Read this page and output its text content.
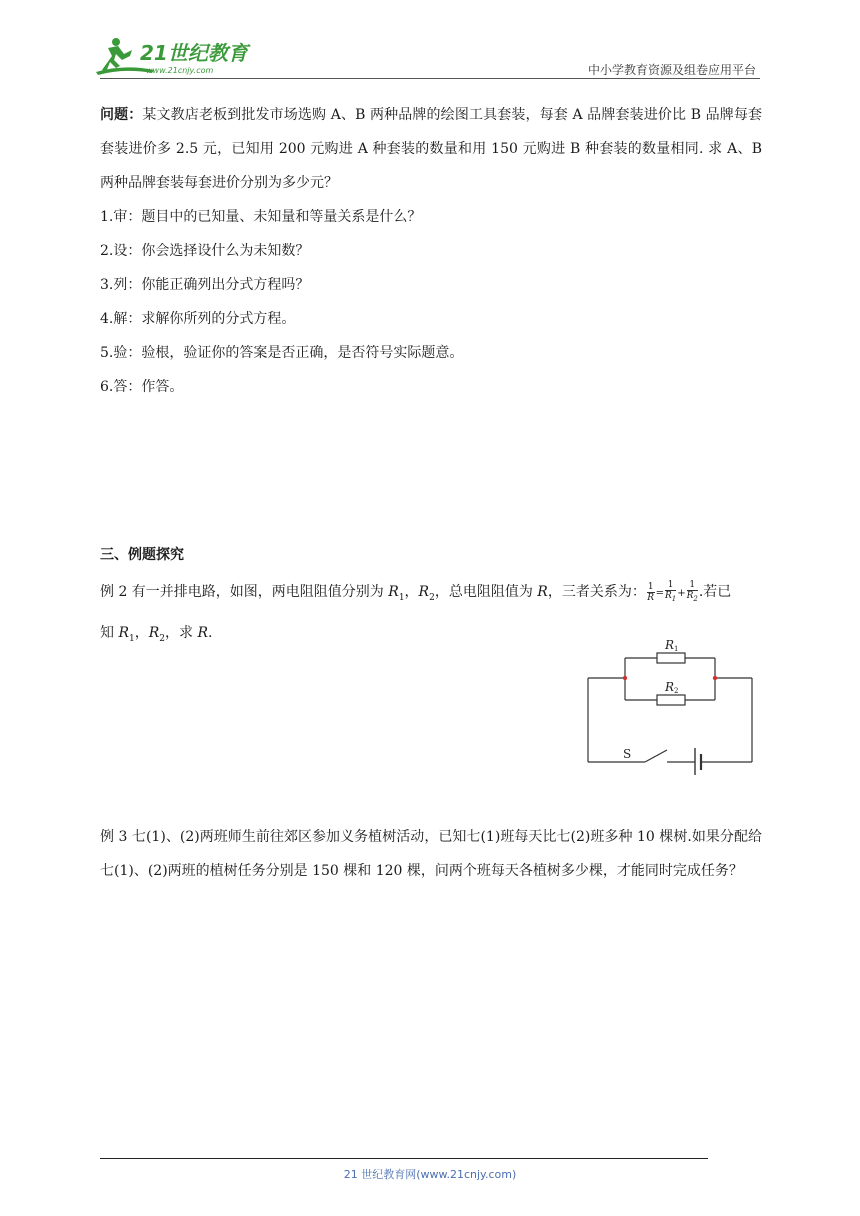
21世纪教育
www.21cnjy.com	中小学教育资源及组卷应用平台

问题：某文教店老板到批发市场选购 A、B 两种品牌的绘图工具套装，每套 A 品牌套装进价比 B 品牌每套套装进价多 2.5 元，已知用 200 元购进 A 种套装的数量和用 150 元购进 B 种套装的数量相同. 求 A、B 两种品牌套装每套进价分别为多少元？

1.审：题目中的已知量、未知量和等量关系是什么？

2.设：你会选择设什么为未知数？

3.列：你能正确列出分式方程吗？

4.解：求解你所列的分式方程。

5.验：验根，验证你的答案是否正确，是否符号实际题意。

6.答：作答。

三、例题探究

例 2 有一并排电路，如图，两电阻阻值分别为 $R_1$，$R_2$，总电阻阻值为 R，三者关系为： $\frac{1}{R} = \frac{1}{R_1} + \frac{1}{R_2}$ .若已

知 $R_1$，$R_2$，求 R.

R 1
R 2
S

例 3 七(1)、(2)两班师生前往郊区参加义务植树活动，已知七(1)班每天比七(2)班多种 10 棵树.如果分配给七(1)、(2)两班的植树任务分别是 150 棵和 120 棵，问两个班每天各植树多少棵，才能同时完成任务？

21 世纪教育网(www.21cnjy.com)
